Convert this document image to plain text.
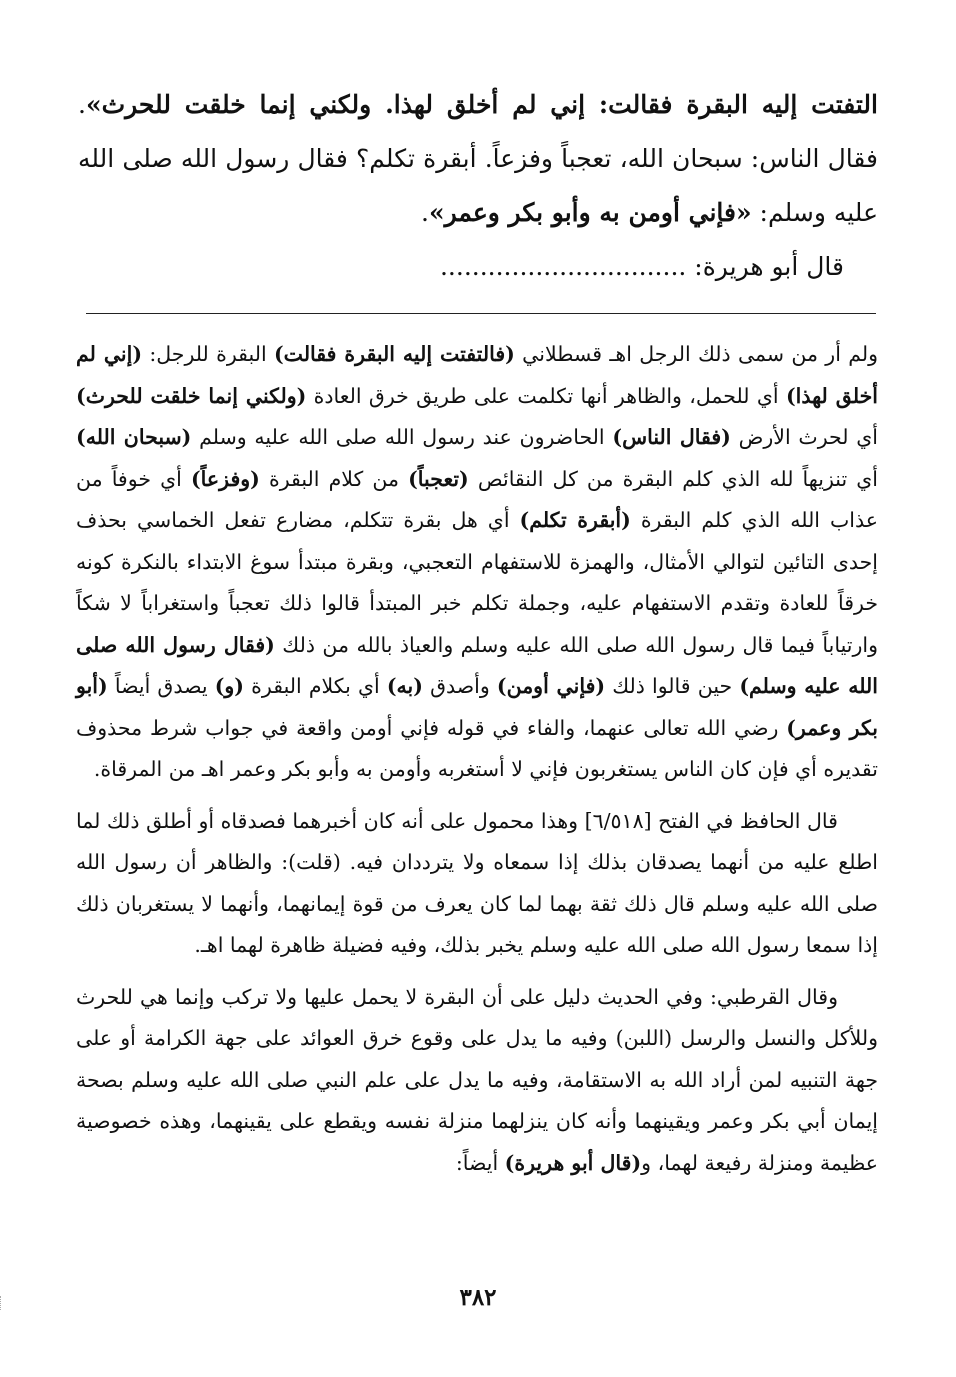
التفتت إليه البقرة فقالت: إني لم أخلق لهذا. ولكني إنما خلقت للحرث». فقال الناس: سبحان الله، تعجباً وفزعاً. أبقرة تكلم؟ فقال رسول الله صلى الله عليه وسلم: «فإني أومن به وأبو بكر وعمر».

قال أبو هريرة: ...............................

ولم أر من سمى ذلك الرجل اهـ قسطلاني (فالتفتت إليه البقرة فقالت) البقرة للرجل: (إني لم أخلق لهذا) أي للحمل، والظاهر أنها تكلمت على طريق خرق العادة (ولكني إنما خلقت للحرث) أي لحرث الأرض (فقال الناس) الحاضرون عند رسول الله صلى الله عليه وسلم (سبحان الله) أي تنزيهاً لله الذي كلم البقرة من كل النقائص (تعجباً) من كلام البقرة (وفزعاً) أي خوفاً من عذاب الله الذي كلم البقرة (أبقرة تكلم) أي هل بقرة تتكلم، مضارع تفعل الخماسي بحذف إحدى التائين لتوالي الأمثال، والهمزة للاستفهام التعجبي، وبقرة مبتدأ سوغ الابتداء بالنكرة كونه خرقاً للعادة وتقدم الاستفهام عليه، وجملة تكلم خبر المبتدأ قالوا ذلك تعجباً واستغراباً لا شكاً وارتياباً فيما قال رسول الله صلى الله عليه وسلم والعياذ بالله من ذلك (فقال رسول الله صلى الله عليه وسلم) حين قالوا ذلك (فإني أومن) وأصدق (به) أي بكلام البقرة (و) يصدق أيضاً (أبو بكر وعمر) رضي الله تعالى عنهما، والفاء في قوله فإني أومن واقعة في جواب شرط محذوف تقديره أي فإن كان الناس يستغربون فإني لا أستغربه وأومن به وأبو بكر وعمر اهـ من المرقاة.

قال الحافظ في الفتح [٦/٥١٨] وهذا محمول على أنه كان أخبرهما فصدقاه أو أطلق ذلك لما اطلع عليه من أنهما يصدقان بذلك إذا سمعاه ولا يترددان فيه. (قلت): والظاهر أن رسول الله صلى الله عليه وسلم قال ذلك ثقة بهما لما كان يعرف من قوة إيمانهما، وأنهما لا يستغربان ذلك إذا سمعا رسول الله صلى الله عليه وسلم يخبر بذلك، وفيه فضيلة ظاهرة لهما اهـ.

وقال القرطبي: وفي الحديث دليل على أن البقرة لا يحمل عليها ولا تركب وإنما هي للحرث وللأكل والنسل والرسل (اللبن) وفيه ما يدل على وقوع خرق العوائد على جهة الكرامة أو على جهة التنبيه لمن أراد الله به الاستقامة، وفيه ما يدل على علم النبي صلى الله عليه وسلم بصحة إيمان أبي بكر وعمر ويقينهما وأنه كان ينزلهما منزلة نفسه ويقطع على يقينهما، وهذه خصوصية عظيمة ومنزلة رفيعة لهما، و(قال أبو هريرة) أيضاً:

٣٨٢
